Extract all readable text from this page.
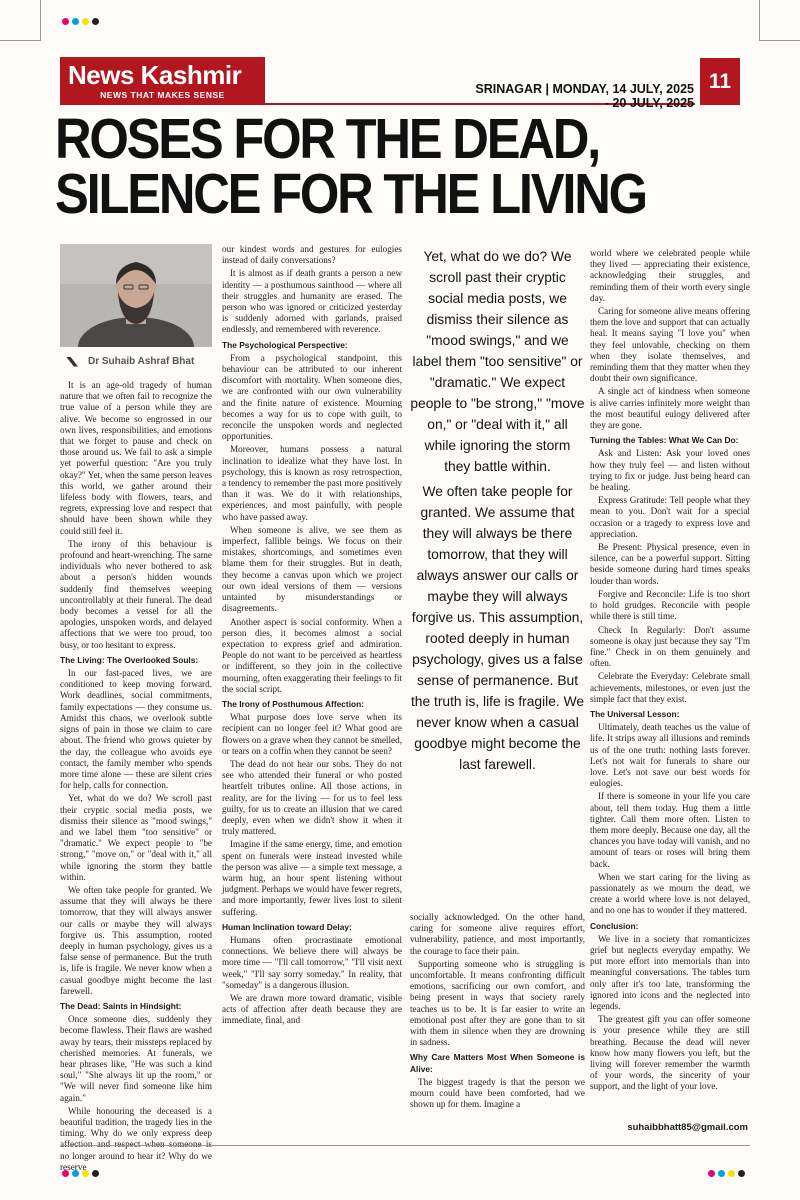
News Kashmir
NEWS THAT MAKES SENSE	SRINAGAR | MONDAY, 14 JULY, 2025 - 20 JULY, 2025
11
ROSES FOR THE DEAD,
SILENCE FOR THE LIVING
Dr Suhaib Ashraf Bhat

It is an age-old tragedy of human nature that we often fail to recognize the true value of a person while they are alive. We become so engrossed in our own lives, responsibilities, and emotions that we forget to pause and check on those around us. We fail to ask a simple yet powerful question: "Are you truly okay?" Yet, when the same person leaves this world, we gather around their lifeless body with flowers, tears, and regrets, expressing love and respect that should have been shown while they could still feel it.

The irony of this behaviour is profound and heart-wrenching. The same individuals who never bothered to ask about a person's hidden wounds suddenly find themselves weeping uncontrollably at their funeral. The dead body becomes a vessel for all the apologies, unspoken words, and delayed affections that we were too proud, too busy, or too hesitant to express.

The Living: The Overlooked Souls:

In our fast-paced lives, we are conditioned to keep moving forward. Work deadlines, social commitments, family expectations — they consume us. Amidst this chaos, we overlook subtle signs of pain in those we claim to care about. The friend who grows quieter by the day, the colleague who avoids eye contact, the family member who spends more time alone — these are silent cries for help, calls for connection.

Yet, what do we do? We scroll past their cryptic social media posts, we dismiss their silence as "mood swings," and we label them "too sensitive" or "dramatic." We expect people to "be strong," "move on," or "deal with it," all while ignoring the storm they battle within.

We often take people for granted. We assume that they will always be there tomorrow, that they will always answer our calls or maybe they will always forgive us. This assumption, rooted deeply in human psychology, gives us a false sense of permanence. But the truth is, life is fragile. We never know when a casual goodbye might become the last farewell.

The Dead: Saints in Hindsight:

Once someone dies, suddenly they become flawless. Their flaws are washed away by tears, their missteps replaced by cherished memories. At funerals, we hear phrases like, "He was such a kind soul," "She always lit up the room," or "We will never find someone like him again."

While honouring the deceased is a beautiful tradition, the tragedy lies in the timing. Why do we only express deep no longer around to hear it? Why do we reserve

our kindest words and gestures for eulogies instead of daily conversations?

It is almost as if death grants a person a new identity — a posthumous sainthood — where all their struggles and humanity are erased. The person who was ignored or criticized yesterday is suddenly adorned with garlands, praised endlessly, and remembered with reverence.

The Psychological Perspective:

From a psychological standpoint, this behaviour can be attributed to our inherent discomfort with mortality. When someone dies, we are confronted with our own vulnerability and the finite nature of existence. Mourning becomes a way for us to cope with guilt, to reconcile the unspoken words and neglected opportunities.

Moreover, humans possess a natural inclination to idealize what they have lost. In psychology, this is known as rosy retrospection, a tendency to remember the past more positively than it was. We do it with relationships, experiences, and most painfully, with people who have passed away.

When someone is alive, we see them as imperfect, fallible beings. We focus on their mistakes, shortcomings, and sometimes even blame them for their struggles. But in death, they become a canvas upon which we project our own ideal versions of them — versions untainted by misunderstandings or disagreements.

Another aspect is social conformity. When a person dies, it becomes almost a social expectation to express grief and admiration. People do not want to be perceived as heartless or indifferent, so they join in the collective mourning, often exaggerating their feelings to fit the social script.

The Irony of Posthumous Affection:

What purpose does love serve when its recipient can no longer feel it? What good are flowers on a grave when they cannot be smelled, or tears on a coffin when they cannot be seen?

The dead do not hear our sobs. They do not see who attended their funeral or who posted heartfelt tributes online. All those actions, in reality, are for the living — for us to feel less guilty, for us to create an illusion that we cared deeply, even when we didn't show it when it truly mattered.

Imagine if the same energy, time, and emotion spent on funerals were instead invested while the person was alive — a simple text message, a warm hug, an hour spent listening without judgment. Perhaps we would have fewer regrets, and more importantly, fewer lives lost to silent suffering.

Human Inclination toward Delay:

Humans often procrastinate emotional connections. We believe there will always be more time — "I'll call tomorrow," "I'll visit next week," "I'll say sorry someday." In reality, that "someday" is a dangerous illusion.

We are drawn more toward dramatic, visible acts of affection after death because they are immediate, final, and

Yet, what do we do? We scroll past their cryptic social media posts, we dismiss their silence as "mood swings," and we label them "too sensitive" or "dramatic." We expect people to "be strong," "move on," or "deal with it," all while ignoring the storm they battle within.
We often take people for granted. We assume that they will always be there tomorrow, that they will always answer our calls or maybe they will always forgive us. This assumption, rooted deeply in human psychology, gives us a false sense of permanence. But the truth is, life is fragile. We never know when a casual goodbye might become the last farewell.

socially acknowledged. On the other hand, caring for someone alive requires effort, vulnerability, patience, and most importantly, the courage to face their pain.

Supporting someone who is struggling is uncomfortable. It means confronting difficult emotions, sacrificing our own comfort, and being present in ways that society rarely teaches us to be. It is far easier to write an emotional post after they are gone than to sit with them in silence when they are drowning in sadness.

Why Care Matters Most When Someone is Alive:

The biggest tragedy is that the person we mourn could have been comforted, had we shown up for them. Imagine a

world where we celebrated people while they lived — appreciating their existence, acknowledging their struggles, and reminding them of their worth every single day.

Caring for someone alive means offering them the love and support that can actually heal. It means saying "I love you" when they feel unlovable, checking on them when they isolate themselves, and reminding them that they matter when they doubt their own significance.

A single act of kindness when someone is alive carries infinitely more weight than the most beautiful eulogy delivered after they are gone.

Turning the Tables: What We Can Do:

Ask and Listen: Ask your loved ones how they truly feel — and listen without trying to fix or judge. Just being heard can be healing.

Express Gratitude: Tell people what they mean to you. Don't wait for a special occasion or a tragedy to express love and appreciation.

Be Present: Physical presence, even in silence, can be a powerful support. Sitting beside someone during hard times speaks louder than words.

Forgive and Reconcile: Life is too short to hold grudges. Reconcile with people while there is still time.

Check In Regularly: Don't assume someone is okay just because they say "I'm fine." Check in on them genuinely and often.

Celebrate the Everyday: Celebrate small achievements, milestones, or even just the simple fact that they exist.

The Universal Lesson:

Ultimately, death teaches us the value of life. It strips away all illusions and reminds us of the one truth: nothing lasts forever. Let's not wait for funerals to share our love. Let's not save our best words for eulogies.

If there is someone in your life you care about, tell them today. Hug them a little tighter. Call them more often. Listen to them more deeply. Because one day, all the chances you have today will vanish, and no amount of tears or roses will bring them back.

When we start caring for the living as passionately as we mourn the dead, we create a world where love is not delayed, and no one has to wonder if they mattered.

Conclusion:

We live in a society that romanticizes grief but neglects everyday empathy. We put more effort into memorials than into meaningful conversations. The tables turn only after it's too late, transforming the ignored into icons and the neglected into legends.

The greatest gift you can offer someone is your presence while they are still breathing. Because the dead will never know how many flowers you left, but the living will forever remember the warmth of your words, the sincerity of your support, and the light of your love.

suhaibbhatt85@gmail.com
